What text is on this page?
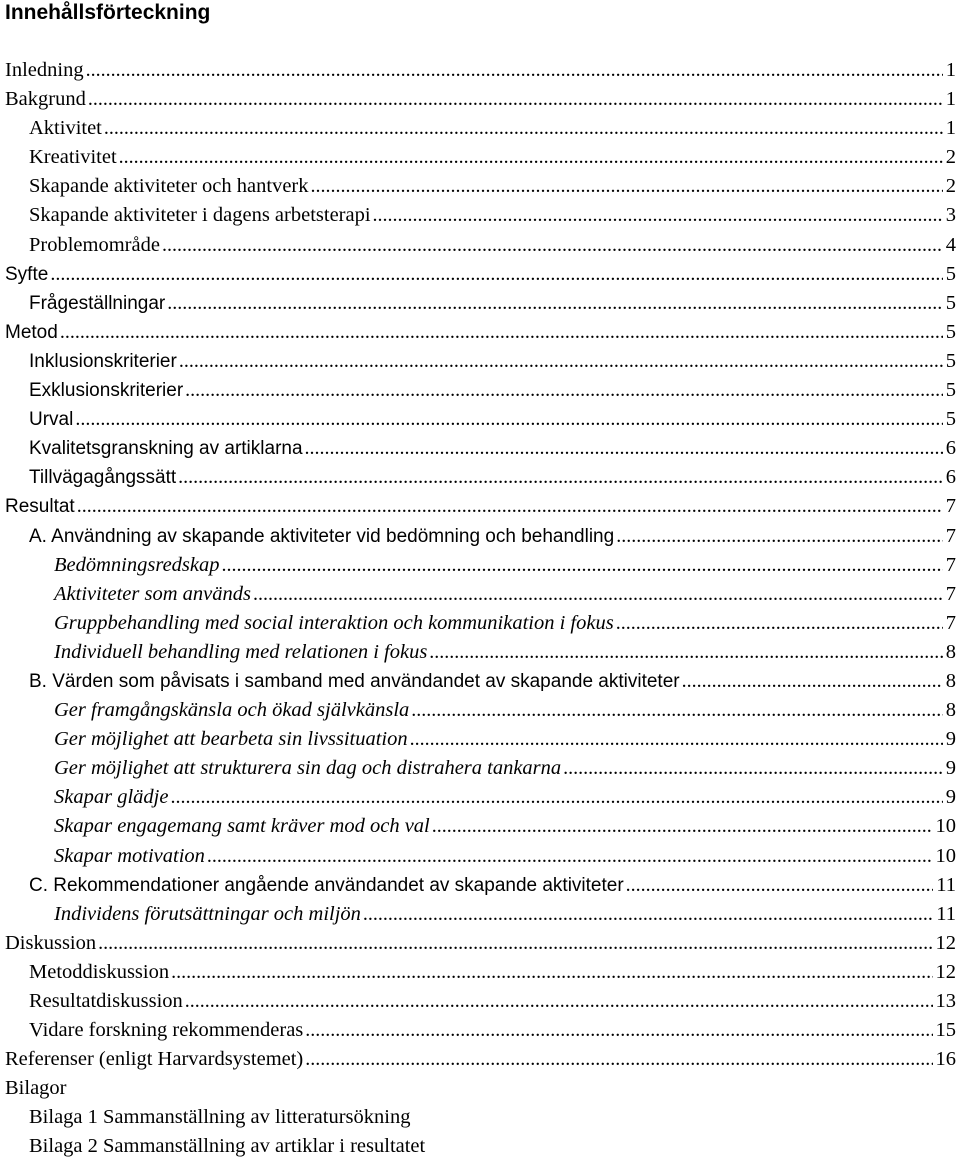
Innehållsförteckning
Inledning .....	1
Bakgrund .....	1
Aktivitet .....	1
Kreativitet .....	2
Skapande aktiviteter och hantverk .....	2
Skapande aktiviteter i dagens arbetsterapi .....	3
Problemområde .....	4
Syfte .....	5
Frågeställningar .....	5
Metod .....	5
Inklusionskriterier .....	5
Exklusionskriterier .....	5
Urval .....	5
Kvalitetsgranskning av artiklarna .....	6
Tillvägagångssätt .....	6
Resultat .....	7
A. Användning av skapande aktiviteter vid bedömning och behandling .....	7
Bedömningsredskap .....	7
Aktiviteter som används .....	7
Gruppbehandling med social interaktion och kommunikation i fokus .....	7
Individuell behandling med relationen i fokus .....	8
B. Värden som påvisats i samband med användandet av skapande aktiviteter .....	8
Ger framgångskänsla och ökad självkänsla .....	8
Ger möjlighet att bearbeta sin livssituation .....	9
Ger möjlighet att strukturera sin dag och distrahera tankarna .....	9
Skapar glädje .....	9
Skapar engagemang samt kräver mod och val .....	10
Skapar motivation .....	10
C. Rekommendationer angående användandet av skapande aktiviteter .....	11
Individens förutsättningar och miljön .....	11
Diskussion .....	12
Metoddiskussion .....	12
Resultatdiskussion .....	13
Vidare forskning rekommenderas .....	15
Referenser (enligt Harvardsystemet) .....	16
Bilagor
Bilaga 1 Sammanställning av litteratursökning
Bilaga 2 Sammanställning av artiklar i resultatet
